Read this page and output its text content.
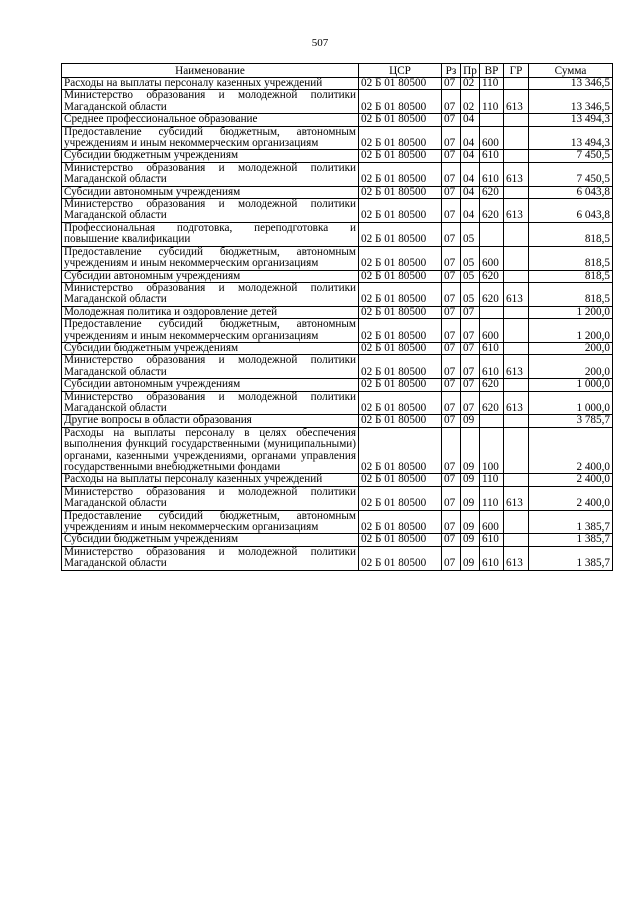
507
Наименование	ЦСР	Рз	Пр	ВР	ГР	Сумма
Расходы на выплаты персоналу казенных учреждений	02 Б 01 80500	07	02	110		13 346,5
Министерство образования и молодежной политики Магаданской области	02 Б 01 80500	07	02	110	613	13 346,5
Среднее профессиональное образование	02 Б 01 80500	07	04			13 494,3
Предоставление субсидий бюджетным, автономным учреждениям и иным некоммерческим организациям	02 Б 01 80500	07	04	600		13 494,3
Субсидии бюджетным учреждениям	02 Б 01 80500	07	04	610		7 450,5
Министерство образования и молодежной политики Магаданской области	02 Б 01 80500	07	04	610	613	7 450,5
Субсидии автономным учреждениям	02 Б 01 80500	07	04	620		6 043,8
Министерство образования и молодежной политики Магаданской области	02 Б 01 80500	07	04	620	613	6 043,8
Профессиональная подготовка, переподготовка и повышение квалификации	02 Б 01 80500	07	05			818,5
Предоставление субсидий бюджетным, автономным учреждениям и иным некоммерческим организациям	02 Б 01 80500	07	05	600		818,5
Субсидии автономным учреждениям	02 Б 01 80500	07	05	620		818,5
Министерство образования и молодежной политики Магаданской области	02 Б 01 80500	07	05	620	613	818,5
Молодежная политика и оздоровление детей	02 Б 01 80500	07	07			1 200,0
Предоставление субсидий бюджетным, автономным учреждениям и иным некоммерческим организациям	02 Б 01 80500	07	07	600		1 200,0
Субсидии бюджетным учреждениям	02 Б 01 80500	07	07	610		200,0
Министерство образования и молодежной политики Магаданской области	02 Б 01 80500	07	07	610	613	200,0
Субсидии автономным учреждениям	02 Б 01 80500	07	07	620		1 000,0
Министерство образования и молодежной политики Магаданской области	02 Б 01 80500	07	07	620	613	1 000,0
Другие вопросы в области образования	02 Б 01 80500	07	09			3 785,7
Расходы на выплаты персоналу в целях обеспечения выполнения функций государственными (муниципальными) органами, казенными учреждениями, органами управления государственными внебюджетными фондами	02 Б 01 80500	07	09	100		2 400,0
Расходы на выплаты персоналу казенных учреждений	02 Б 01 80500	07	09	110		2 400,0
Министерство образования и молодежной политики Магаданской области	02 Б 01 80500	07	09	110	613	2 400,0
Предоставление субсидий бюджетным, автономным учреждениям и иным некоммерческим организациям	02 Б 01 80500	07	09	600		1 385,7
Субсидии бюджетным учреждениям	02 Б 01 80500	07	09	610		1 385,7
Министерство образования и молодежной политики Магаданской области	02 Б 01 80500	07	09	610	613	1 385,7
